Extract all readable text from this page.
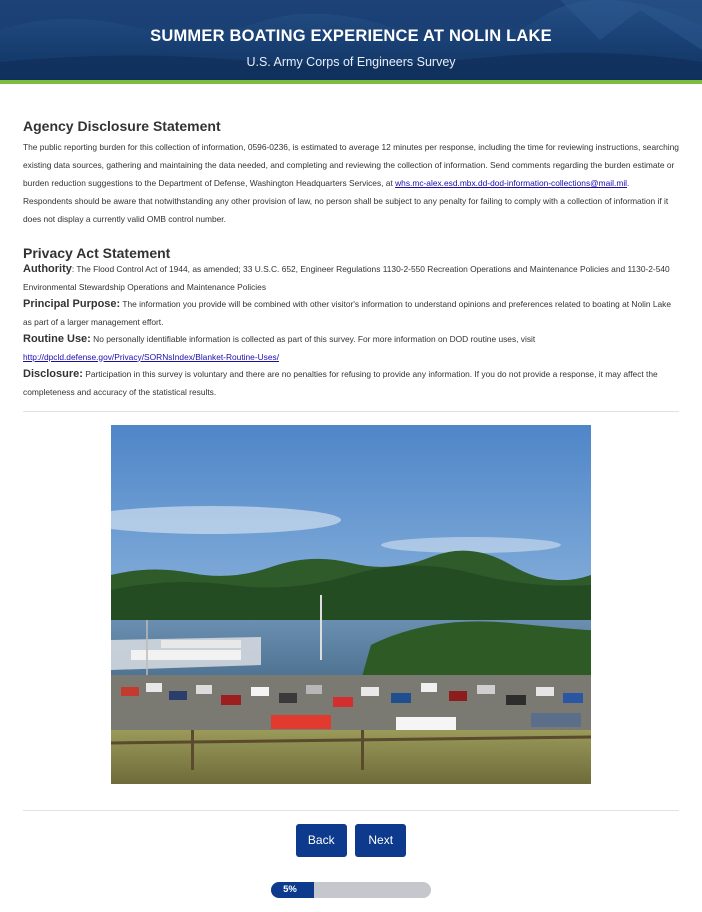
SUMMER BOATING EXPERIENCE AT NOLIN LAKE
U.S. Army Corps of Engineers Survey
Agency Disclosure Statement

The public reporting burden for this collection of information, 0596-0236, is estimated to average 12 minutes per response, including the time for reviewing instructions, searching existing data sources, gathering and maintaining the data needed, and completing and reviewing the collection of information. Send comments regarding the burden estimate or burden reduction suggestions to the Department of Defense, Washington Headquarters Services, at whs.mc-alex.esd.mbx.dd-dod-information-collections@mail.mil. Respondents should be aware that notwithstanding any other provision of law, no person shall be subject to any penalty for failing to comply with a collection of information if it does not display a currently valid OMB control number.

Privacy Act Statement
Authority: The Flood Control Act of 1944, as amended; 33 U.S.C. 652, Engineer Regulations 1130-2-550 Recreation Operations and Maintenance Policies and 1130-2-540 Environmental Stewardship Operations and Maintenance Policies
Principal Purpose: The information you provide will be combined with other visitor's information to understand opinions and preferences related to boating at Nolin Lake as part of a larger management effort.
Routine Use: No personally identifiable information is collected as part of this survey. For more information on DOD routine uses, visit http://dpcld.defense.gov/Privacy/SORNsIndex/Blanket-Routine-Uses/
Disclosure: Participation in this survey is voluntary and there are no penalties for refusing to provide any information. If you do not provide a response, it may affect the completeness and accuracy of the statistical results.
Back	Next
5%
